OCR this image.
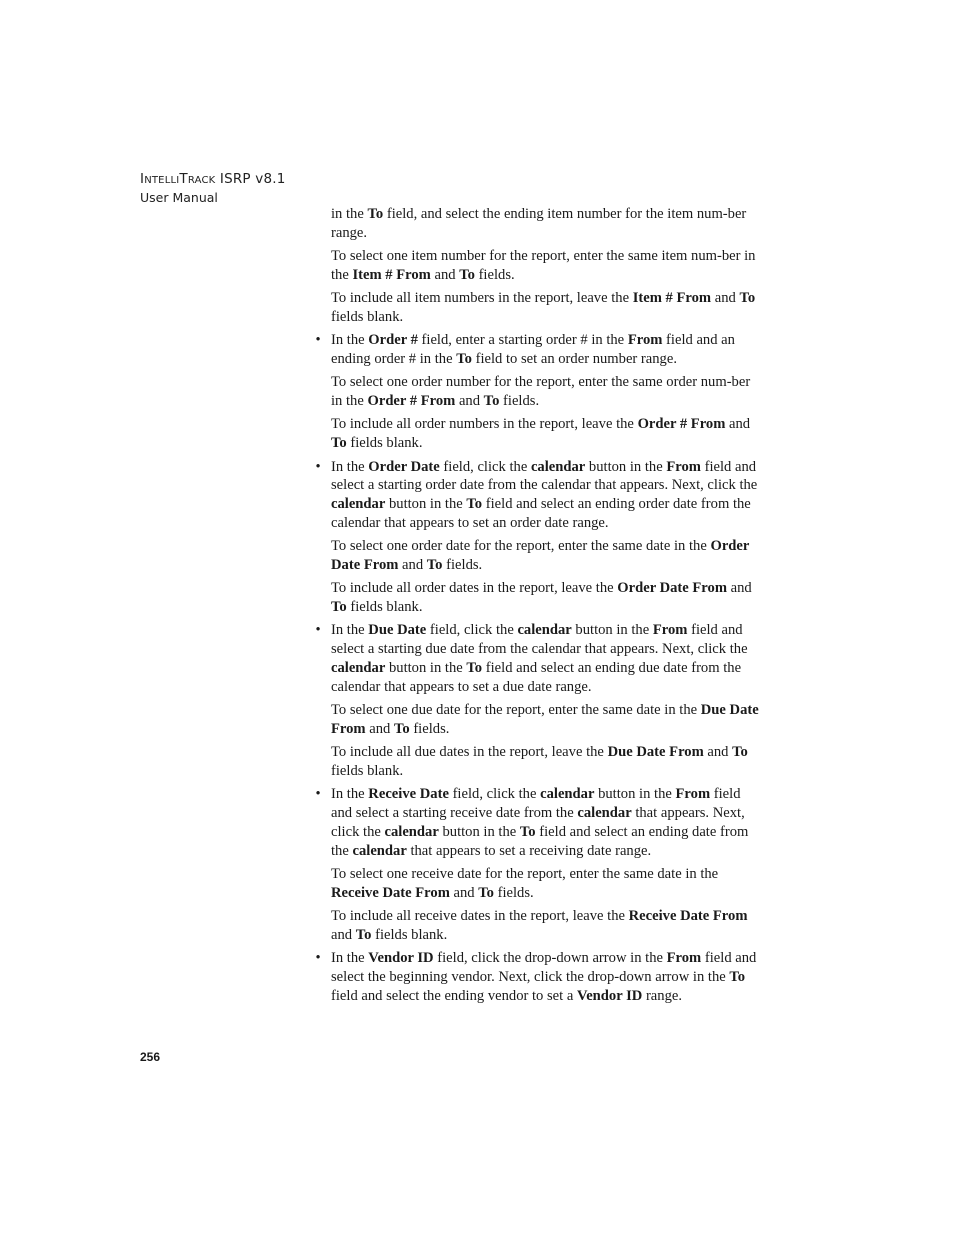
INTELLITRACK ISRP v8.1
User Manual

in the To field, and select the ending item number for the item num-ber range.

To select one item number for the report, enter the same item num-ber in the Item # From and To fields.

To include all item numbers in the report, leave the Item # From and To fields blank.

• In the Order # field, enter a starting order # in the From field and an ending order # in the To field to set an order number range.

To select one order number for the report, enter the same order num-ber in the Order # From and To fields.

To include all order numbers in the report, leave the Order # From and To fields blank.

• In the Order Date field, click the calendar button in the From field and select a starting order date from the calendar that appears. Next, click the calendar button in the To field and select an ending order date from the calendar that appears to set an order date range.

To select one order date for the report, enter the same date in the Order Date From and To fields.

To include all order dates in the report, leave the Order Date From and To fields blank.

• In the Due Date field, click the calendar button in the From field and select a starting due date from the calendar that appears. Next, click the calendar button in the To field and select an ending due date from the calendar that appears to set a due date range.

To select one due date for the report, enter the same date in the Due Date From and To fields.

To include all due dates in the report, leave the Due Date From and To fields blank.

• In the Receive Date field, click the calendar button in the From field and select a starting receive date from the calendar that appears. Next, click the calendar button in the To field and select an ending date from the calendar that appears to set a receiving date range.

To select one receive date for the report, enter the same date in the Receive Date From and To fields.

To include all receive dates in the report, leave the Receive Date From and To fields blank.

• In the Vendor ID field, click the drop-down arrow in the From field and select the beginning vendor. Next, click the drop-down arrow in the To field and select the ending vendor to set a Vendor ID range.
256
